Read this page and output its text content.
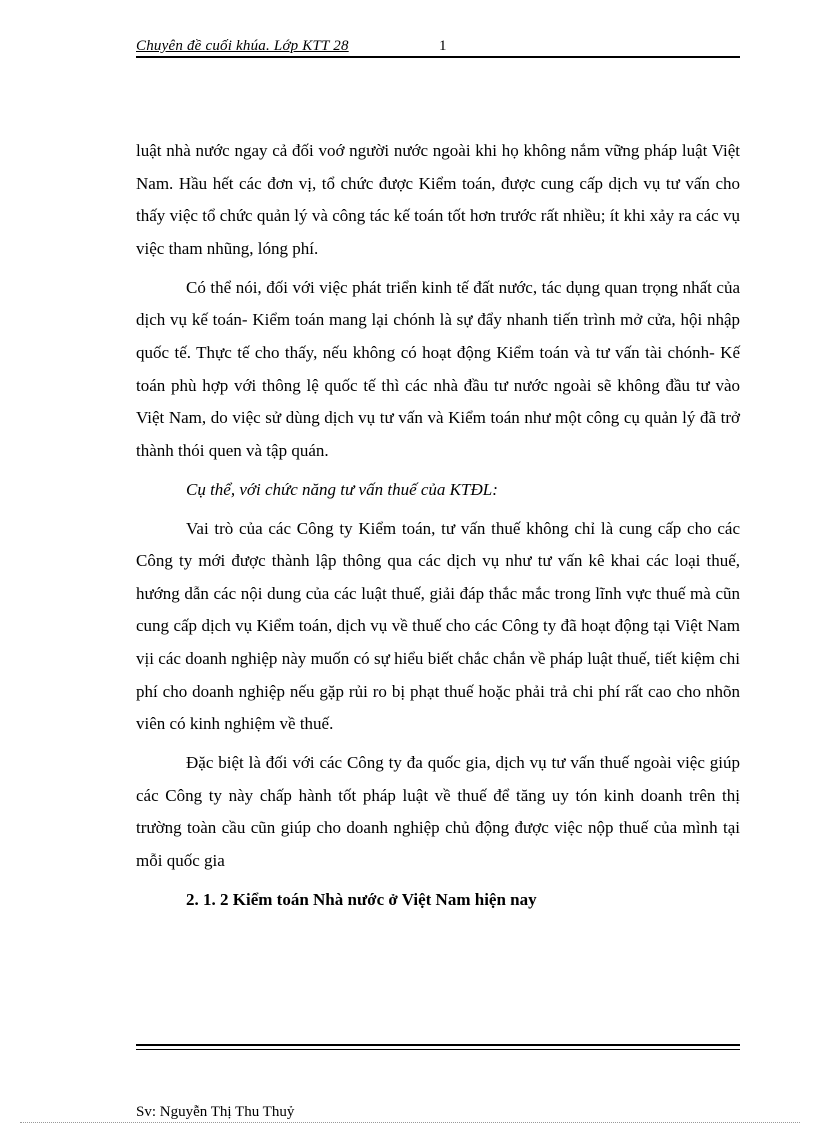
Chuyên đề cuối khúa. Lớp KTT 28	1

luật nhà nước ngay cả đối voớ người nước ngoài khi họ không nắm vững pháp luật Việt Nam. Hầu hết các đơn vị, tổ chức được Kiểm toán, được cung cấp dịch vụ tư vấn cho thấy việc tổ chức quản lý và công tác kế toán tốt hơn trước rất nhiều; ít khi xảy ra các vụ việc tham nhũng, lóng phí.

Có thể nói, đối với việc phát triển kinh tế đất nước, tác dụng quan trọng nhất của dịch vụ kế toán- Kiểm toán mang lại chónh là sự đẩy nhanh tiến trình mở cửa, hội nhập quốc tế. Thực tế cho thấy, nếu không có hoạt động Kiểm toán và tư vấn tài chónh- Kế toán phù hợp với thông lệ quốc tế thì các nhà đầu tư nước ngoài sẽ không đầu tư vào Việt Nam, do việc sử dùng dịch vụ tư vấn và Kiểm toán như một công cụ quản lý đã trở thành thói quen và tập quán.

Cụ thể, với chức năng tư vấn thuế của KTĐL:

Vai trò của các Công ty Kiểm toán, tư vấn thuế không chỉ là cung cấp cho các Công ty mới được thành lập thông qua các dịch vụ như tư vấn kê khai các loại thuế, hướng dẫn các nội dung của các luật thuế, giải đáp thắc mắc trong lĩnh vực thuế mà cũn cung cấp dịch vụ Kiểm toán, dịch vụ về thuế cho các Công ty đã hoạt động tại Việt Nam vịi các doanh nghiệp này muốn có sự hiểu biết chắc chắn về pháp luật thuế, tiết kiệm chi phí cho doanh nghiệp nếu gặp rủi ro bị phạt thuế hoặc phải trả chi phí rất cao cho nhõn viên có kinh nghiệm về thuế.

Đặc biệt là đối với các Công ty đa quốc gia, dịch vụ tư vấn thuế ngoài việc giúp các Công ty này chấp hành tốt pháp luật về thuế để tăng uy tón kinh doanh trên thị trường toàn cầu cũn giúp cho doanh nghiệp chủ động được việc nộp thuế của mình tại mỗi quốc gia

2. 1. 2 Kiểm toán Nhà nước ở Việt Nam hiện nay

Sv: Nguyễn Thị Thu Thuỷ
